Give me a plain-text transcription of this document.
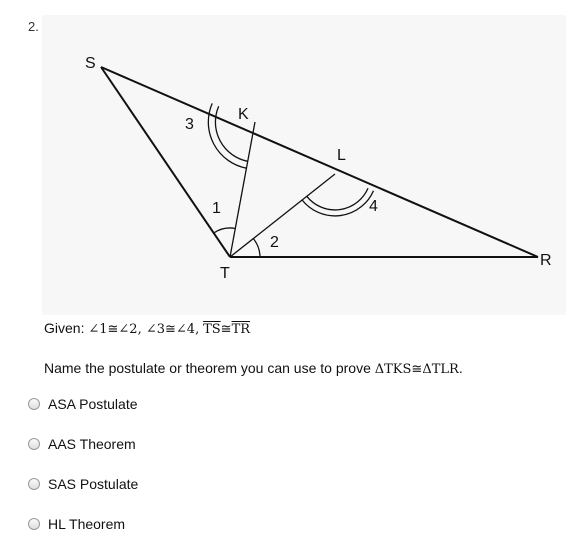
2.
S
K
L
R
T
1
2
3
4
Given: ∠1≅∠2, ∠3≅∠4, $\overline{TS}≅\overline{TR}$
Name the postulate or theorem you can use to prove ΔTKS≅ΔTLR.
ASA Postulate
AAS Theorem
SAS Postulate
HL Theorem
